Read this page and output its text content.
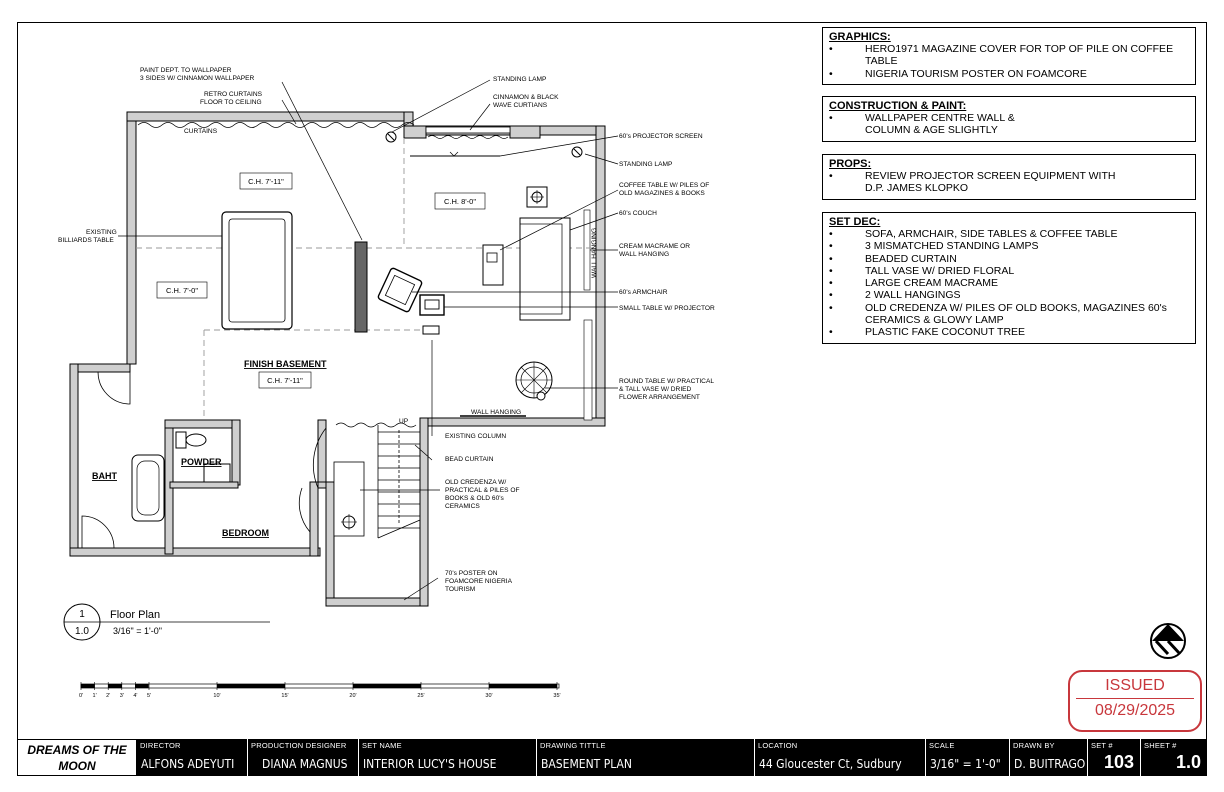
PAINT DEPT. TO WALLPAPER
3 SIDES W/ CINNAMON WALLPAPER
RETRO CURTAINS
FLOOR TO CEILING
CURTAINS
STANDING LAMP
CINNAMON & BLACK
WAVE CURTIANS
60's PROJECTOR SCREEN
STANDING LAMP
COFFEE TABLE W/ PILES OF
OLD MAGAZINES & BOOKS
60's COUCH
CREAM MACRAME OR
WALL HANGING
60's ARMCHAIR
SMALL TABLE W/ PROJECTOR
ROUND TABLE W/ PRACTICAL
& TALL VASE W/ DRIED
FLOWER ARRANGEMENT
EXISTING COLUMN
BEAD CURTAIN
OLD CREDENZA W/
PRACTICAL & PILES OF
BOOKS & OLD 60's
CERAMICS
70's POSTER ON
FOAMCORE NIGERIA
TOURISM
EXISTING
BILLIARDS TABLE
WALL HANGING
UP
WALL HANGING
C.H. 7'-11"
C.H. 8'-0"
C.H. 7'-0"
C.H. 7'-11"
FINISH BASEMENT
BAHT
POWDER
BEDROOM
1
1.0
Floor Plan
3/16" = 1'-0"
0' 1' 2' 3' 4' 5'	10'	15'	20'	25'	30'	35'
GRAPHICS:
• HERO1971 MAGAZINE COVER FOR TOP OF PILE ON COFFEE TABLE
• NIGERIA TOURISM POSTER ON FOAMCORE
CONSTRUCTION & PAINT:
• WALLPAPER CENTRE WALL & COLUMN & AGE SLIGHTLY
PROPS:
• REVIEW PROJECTOR SCREEN EQUIPMENT WITH D.P. JAMES KLOPKO
SET DEC:
• SOFA, ARMCHAIR, SIDE TABLES & COFFEE TABLE
• 3 MISMATCHED STANDING LAMPS
• BEADED CURTAIN
• TALL VASE W/ DRIED FLORAL
• LARGE CREAM MACRAME
• 2 WALL HANGINGS
• OLD CREDENZA W/ PILES OF OLD BOOKS, MAGAZINES 60's CERAMICS & GLOWY LAMP
• PLASTIC FAKE COCONUT TREE
ISSUED
08/29/2025
DREAMS OF THE MOON
DIRECTOR
ALFONS ADEYUTI
PRODUCTION DESIGNER
DIANA MAGNUS
SET NAME
INTERIOR LUCY'S HOUSE
DRAWING TITTLE
BASEMENT PLAN
LOCATION
44 Gloucester Ct, Sudbury
SCALE
3/16" = 1'-0"
DRAWN BY
D. BUITRAGO
SET #
103
SHEET #
1.0
